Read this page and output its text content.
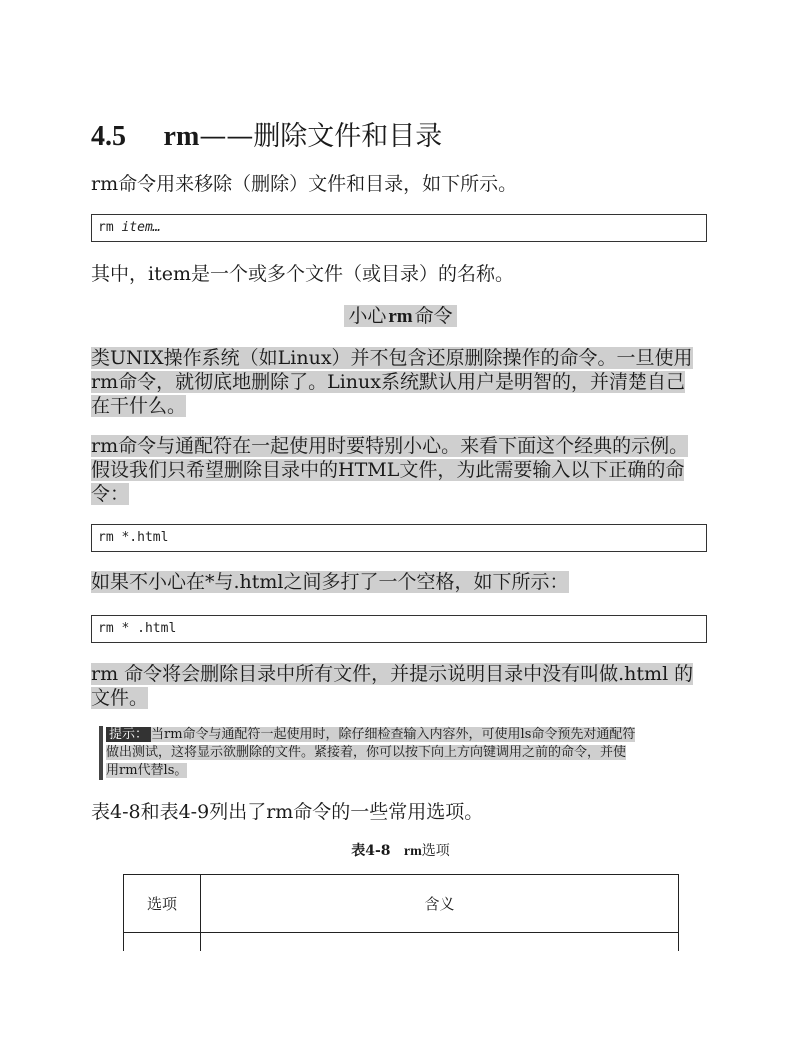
4.5 rm——删除文件和目录
rm命令用来移除（删除）文件和目录，如下所示。
rm item…
其中，item是一个或多个文件（或目录）的名称。
小心 rm 命令
类UNIX操作系统（如Linux）并不包含还原删除操作的命令。一旦使用
rm命令，就彻底地删除了。Linux系统默认用户是明智的，并清楚自己
在干什么。
rm命令与通配符在一起使用时要特别小心。来看下面这个经典的示例。
假设我们只希望删除目录中的HTML文件，为此需要输入以下正确的命
令：
rm *.html
如果不小心在*与.html之间多打了一个空格，如下所示：
rm * .html
rm 命令将会删除目录中所有文件，并提示说明目录中没有叫做.html 的
文件。
提示： 当rm命令与通配符一起使用时，除仔细检查输入内容外，可使用ls命令预先对通配符
做出测试，这将显示欲删除的文件。紧接着，你可以按下向上方向键调用之前的命令，并使
用rm代替ls。
表4-8和表4-9列出了rm命令的一些常用选项。
表4-8 rm选项
选项	含义
